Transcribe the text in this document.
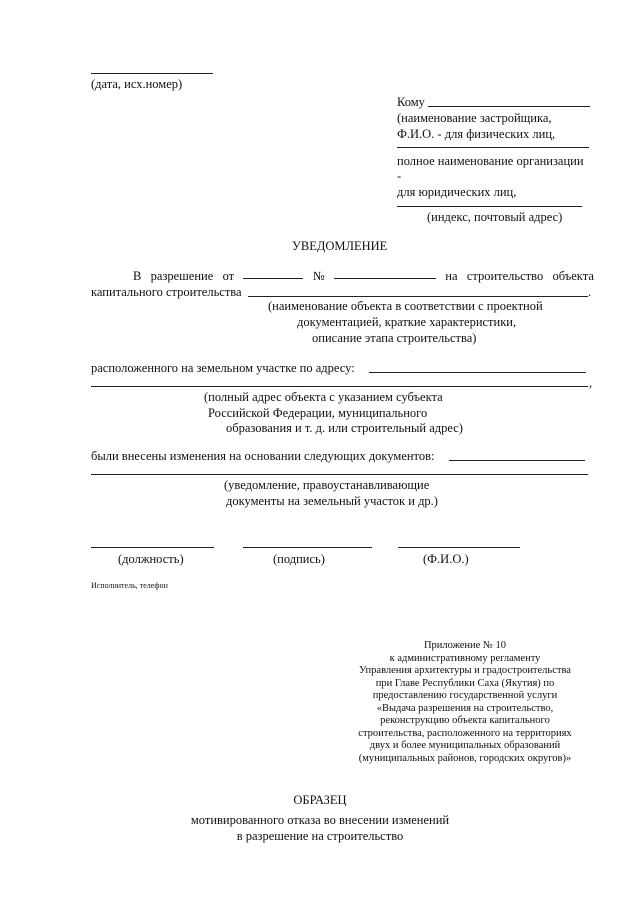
(дата, исх.номер)
Кому
(наименование застройщика,
Ф.И.О. - для физических лиц,
полное наименование организации
-
для юридических лиц,
(индекс, почтовый адрес)
УВЕДОМЛЕНИЕ
В разрешение от	№	на строительство объекта
капитального строительства	.
(наименование объекта в соответствии с проектной
документацией, краткие характеристики,
описание этапа строительства)
расположенного на земельном участке по адресу:
,
(полный адрес объекта с указанием субъекта
Российской Федерации, муниципального
образования и т. д. или строительный адрес)
были внесены изменения на основании следующих документов:
(уведомление, правоустанавливающие
документы на земельный участок и др.)
(должность)	(подпись)	(Ф.И.О.)
Исполнитель, телефон
Приложение № 10
к административному регламенту
Управления архитектуры и градостроительства
при Главе Республики Саха (Якутия) по
предоставлению государственной услуги
«Выдача разрешения на строительство,
реконструкцию объекта капитального
строительства, расположенного на территориях
двух и более муниципальных образований
(муниципальных районов, городских округов)»
ОБРАЗЕЦ
мотивированного отказа во внесении изменений
в разрешение на строительство
